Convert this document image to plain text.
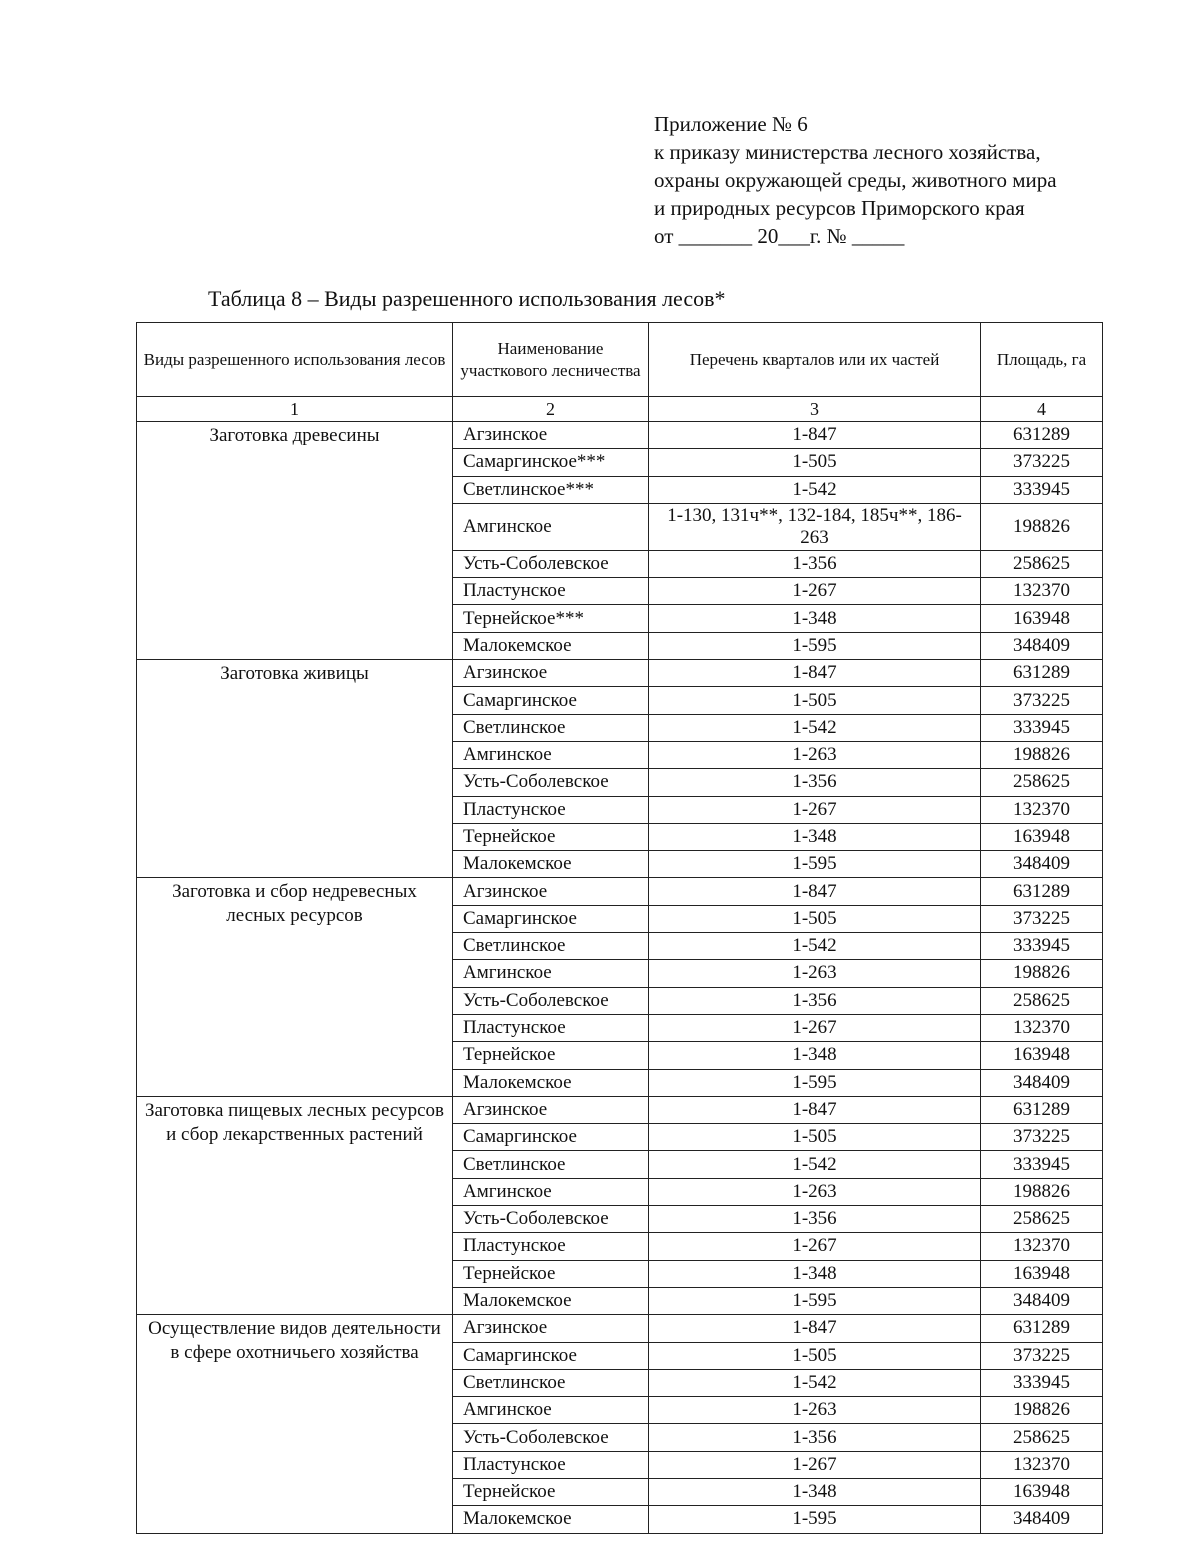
Приложение № 6
к приказу министерства лесного хозяйства,
охраны окружающей среды, животного мира
и природных ресурсов Приморского края
от _______ 20___г. № _____
Таблица 8 – Виды разрешенного использования лесов*
Виды разрешенного использования лесов	Наименование участкового лесничества	Перечень кварталов или их частей	Площадь, га
1	2	3	4
Заготовка древесины	Агзинское	1-847	631289
	Самаргинское***	1-505	373225
	Светлинское***	1-542	333945
	Амгинское	1-130, 131ч**, 132-184, 185ч**, 186-263	198826
	Усть-Соболевское	1-356	258625
	Пластунское	1-267	132370
	Тернейское***	1-348	163948
	Малокемское	1-595	348409
Заготовка живицы	Агзинское	1-847	631289
	Самаргинское	1-505	373225
	Светлинское	1-542	333945
	Амгинское	1-263	198826
	Усть-Соболевское	1-356	258625
	Пластунское	1-267	132370
	Тернейское	1-348	163948
	Малокемское	1-595	348409
Заготовка и сбор недревесных лесных ресурсов	Агзинское	1-847	631289
	Самаргинское	1-505	373225
	Светлинское	1-542	333945
	Амгинское	1-263	198826
	Усть-Соболевское	1-356	258625
	Пластунское	1-267	132370
	Тернейское	1-348	163948
	Малокемское	1-595	348409
Заготовка пищевых лесных ресурсов и сбор лекарственных растений	Агзинское	1-847	631289
	Самаргинское	1-505	373225
	Светлинское	1-542	333945
	Амгинское	1-263	198826
	Усть-Соболевское	1-356	258625
	Пластунское	1-267	132370
	Тернейское	1-348	163948
	Малокемское	1-595	348409
Осуществление видов деятельности в сфере охотничьего хозяйства	Агзинское	1-847	631289
	Самаргинское	1-505	373225
	Светлинское	1-542	333945
	Амгинское	1-263	198826
	Усть-Соболевское	1-356	258625
	Пластунское	1-267	132370
	Тернейское	1-348	163948
	Малокемское	1-595	348409
